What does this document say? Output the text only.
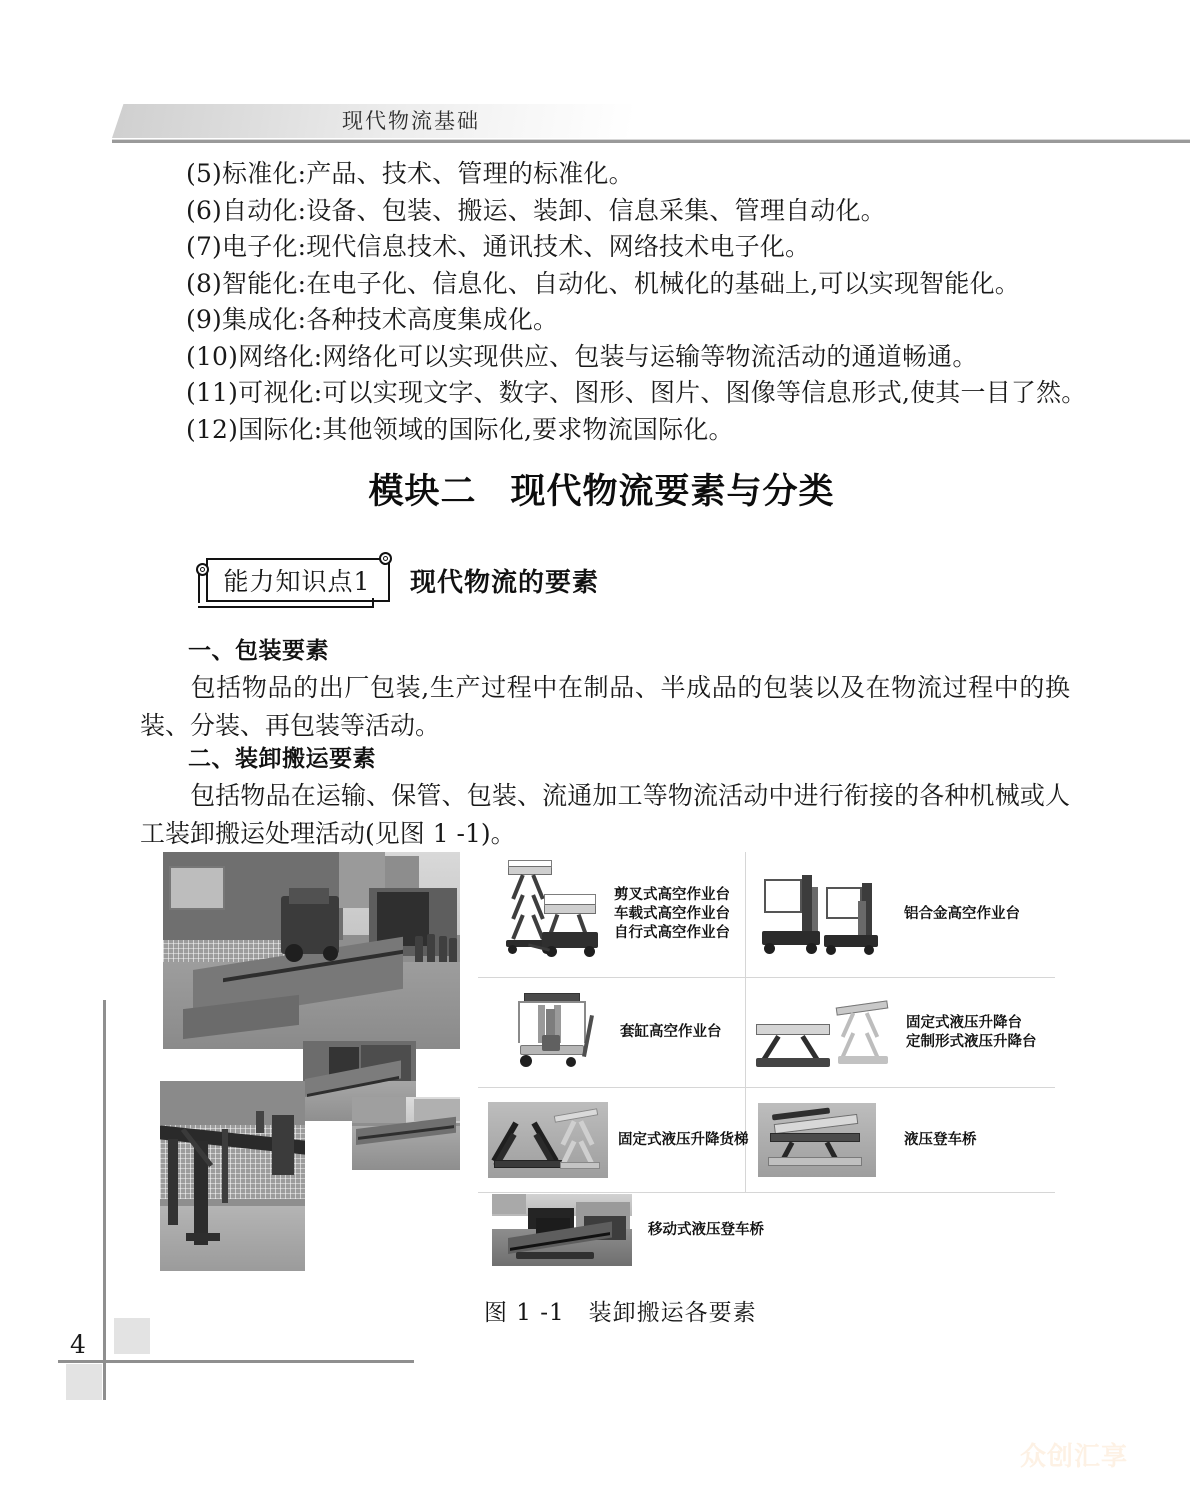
现代物流基础
(5)标准化:产品、技术、管理的标准化。
(6)自动化:设备、包装、搬运、装卸、信息采集、管理自动化。
(7)电子化:现代信息技术、通讯技术、网络技术电子化。
(8)智能化:在电子化、信息化、自动化、机械化的基础上,可以实现智能化。
(9)集成化:各种技术高度集成化。
(10)网络化:网络化可以实现供应、包装与运输等物流活动的通道畅通。
(11)可视化:可以实现文字、数字、图形、图片、图像等信息形式,使其一目了然。
(12)国际化:其他领域的国际化,要求物流国际化。
模块二 现代物流要素与分类
能力知识点1	现代物流的要素
一、包装要素
包括物品的出厂包装,生产过程中在制品、半成品的包装以及在物流过程中的换装、分装、再包装等活动。
二、装卸搬运要素
包括物品在运输、保管、包装、流通加工等物流活动中进行衔接的各种机械或人工装卸搬运处理活动(见图 1 -1)。
剪叉式高空作业台
车载式高空作业台
自行式高空作业台
铝合金高空作业台
套缸高空作业台
固定式液压升降台
定制形式液压升降台
固定式液压升降货梯	液压登车桥
移动式液压登车桥
图 1 -1 装卸搬运各要素
4
众创汇享
